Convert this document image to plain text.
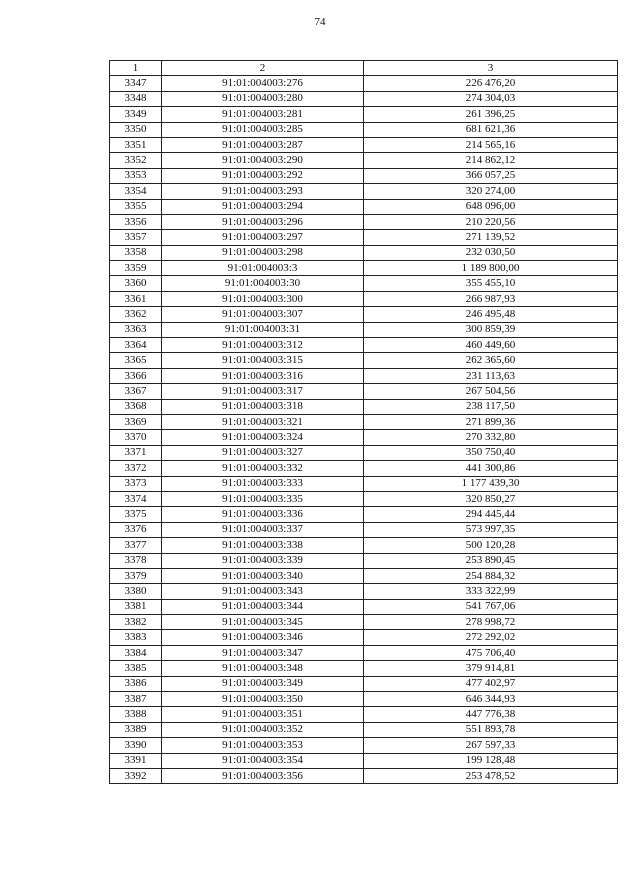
74
1	2	3
3347	91:01:004003:276	226 476,20
3348	91:01:004003:280	274 304,03
3349	91:01:004003:281	261 396,25
3350	91:01:004003:285	681 621,36
3351	91:01:004003:287	214 565,16
3352	91:01:004003:290	214 862,12
3353	91:01:004003:292	366 057,25
3354	91:01:004003:293	320 274,00
3355	91:01:004003:294	648 096,00
3356	91:01:004003:296	210 220,56
3357	91:01:004003:297	271 139,52
3358	91:01:004003:298	232 030,50
3359	91:01:004003:3	1 189 800,00
3360	91:01:004003:30	355 455,10
3361	91:01:004003:300	266 987,93
3362	91:01:004003:307	246 495,48
3363	91:01:004003:31	300 859,39
3364	91:01:004003:312	460 449,60
3365	91:01:004003:315	262 365,60
3366	91:01:004003:316	231 113,63
3367	91:01:004003:317	267 504,56
3368	91:01:004003:318	238 117,50
3369	91:01:004003:321	271 899,36
3370	91:01:004003:324	270 332,80
3371	91:01:004003:327	350 750,40
3372	91:01:004003:332	441 300,86
3373	91:01:004003:333	1 177 439,30
3374	91:01:004003:335	320 850,27
3375	91:01:004003:336	294 445,44
3376	91:01:004003:337	573 997,35
3377	91:01:004003:338	500 120,28
3378	91:01:004003:339	253 890,45
3379	91:01:004003:340	254 884,32
3380	91:01:004003:343	333 322,99
3381	91:01:004003:344	541 767,06
3382	91:01:004003:345	278 998,72
3383	91:01:004003:346	272 292,02
3384	91:01:004003:347	475 706,40
3385	91:01:004003:348	379 914,81
3386	91:01:004003:349	477 402,97
3387	91:01:004003:350	646 344,93
3388	91:01:004003:351	447 776,38
3389	91:01:004003:352	551 893,78
3390	91:01:004003:353	267 597,33
3391	91:01:004003:354	199 128,48
3392	91:01:004003:356	253 478,52
